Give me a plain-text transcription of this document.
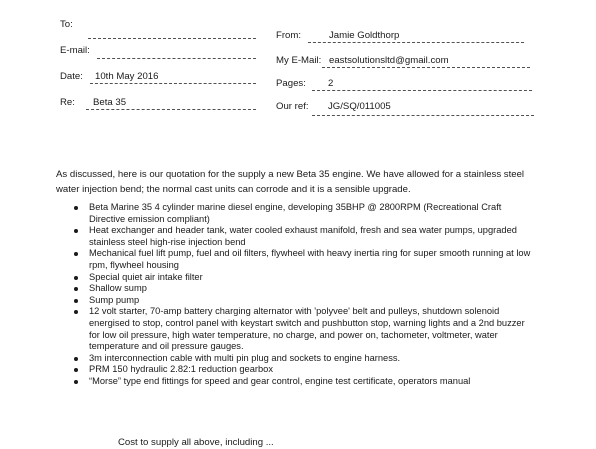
To:
E-mail:
Date: 10th May 2016
Re: Beta 35
From:	Jamie Goldthorp
My E-Mail: eastsolutionsltd@gmail.com
Pages: 2
Our ref: JG/SQ/011005

As discussed, here is our quotation for the supply a new Beta 35 engine. We have allowed for a stainless steel water injection bend; the normal cast units can corrode and it is a sensible upgrade.

Beta Marine 35 4 cylinder marine diesel engine, developing 35BHP @ 2800RPM (Recreational Craft Directive emission compliant)
Heat exchanger and header tank, water cooled exhaust manifold, fresh and sea water pumps, upgraded stainless steel high-rise injection bend
Mechanical fuel lift pump, fuel and oil filters, flywheel with heavy inertia ring for super smooth running at low rpm, flywheel housing
Special quiet air intake filter
Shallow sump
Sump pump
12 volt starter, 70-amp battery charging alternator with 'polyvee' belt and pulleys, shutdown solenoid energised to stop, control panel with keystart switch and pushbutton stop, warning lights and a 2nd buzzer for low oil pressure, high water temperature, no charge, and power on, tachometer, voltmeter, water temperature and oil pressure gauges.
3m interconnection cable with multi pin plug and sockets to engine harness.
PRM 150 hydraulic 2.82:1 reduction gearbox
“Morse” type end fittings for speed and gear control, engine test certificate, operators manual
Cost to supply all above, including ...
